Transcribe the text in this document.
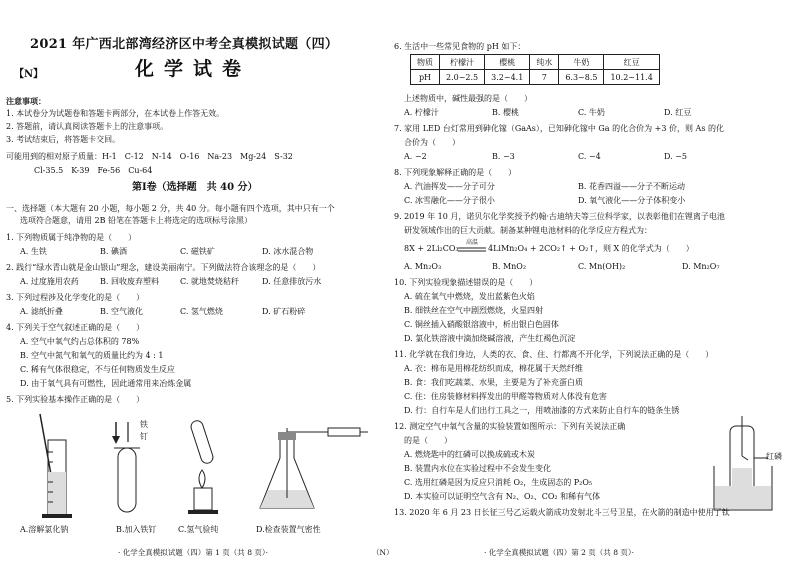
2021 年广西北部湾经济区中考全真模拟试题（四）
【N】	化学试卷
注意事项：
1. 本试卷分为试题卷和答题卡两部分，在本试卷上作答无效。
2. 答题前，请认真阅读答题卡上的注意事项。
3. 考试结束后，将答题卡交回。
可能用到的相对原子质量：H-1　C-12　N-14　O-16　Na-23　Mg-24　S-32
Cl-35.5　K-39　Fe-56　Cu-64
第Ⅰ卷（选择题　共 40 分）
一、选择题（本大题有 20 小题，每小题 2 分，共 40 分。每小题有四个选项，其中只有一个
选项符合题意，请用 2B 铅笔在答题卡上将选定的选项标号涂黑）
1. 下列物质属于纯净物的是（　　）
A. 生铁	B. 碘酒	C. 磁铁矿	D. 冰水混合物
2. 践行“绿水青山就是金山银山”理念，建设美丽南宁。下列做法符合该理念的是（　　）
A. 过度施用农药	B. 回收废弃塑料	C. 就地焚烧秸秆	D. 任意排放污水
3. 下列过程涉及化学变化的是（　　）
A. 滤纸折叠	B. 空气液化	C. 氢气燃烧	D. 矿石粉碎
4. 下列关于空气叙述正确的是（　　）
A. 空气中氧气约占总体积的 78%
B. 空气中氮气和氧气的质量比约为 4 : 1
C. 稀有气体很稳定，不与任何物质发生反应
D. 由于氧气具有可燃性，因此通常用来冶炼金属
5. 下列实验基本操作正确的是（　　）
A.溶解氯化钠
铁
钉
B.加入铁钉	C.氢气验纯	D.检查装置气密性
· 化学全真模拟试题（四）第 1 页（共 8 页）·	（N）
6. 生活中一些常见食物的 pH 如下：
物质	柠檬汁	樱桃	纯水	牛奶	红豆
pH	2.0~2.5	3.2~4.1	7	6.3~8.5	10.2~11.4
上述物质中，碱性最强的是（　　）
A. 柠檬汁	B. 樱桃	C. 牛奶	D. 红豆
7. 家用 LED 台灯常用到砷化镓（GaAs），已知砷化镓中 Ga 的化合价为 +3 价，则 As 的化
合价为（　　）
A. −2	B. −3	C. −4	D. −5
8. 下列现象解释正确的是（　　）
A. 汽油挥发——分子可分	B. 花香四溢——分子不断运动
C. 冰雪融化——分子很小	D. 氧气液化——分子体积变小
9. 2019 年 10 月，诺贝尔化学奖授予约翰·古迪纳夫等三位科学家，以表彰他们在锂离子电池
研发领域作出的巨大贡献。制备某种锂电池材料的化学反应方程式为：
8X + 2Li₂CO₃
高温
4LiMn₂O₄ + 2CO₂↑ + O₂↑，则 X 的化学式为（　　）
A. Mn₂O₃	B. MnO₂	C. Mn(OH)₂	D. Mn₂O₇
10. 下列实验现象描述错误的是（　　）
A. 硫在氧气中燃烧，发出蓝紫色火焰
B. 细铁丝在空气中剧烈燃烧，火星四射
C. 铜丝插入硝酸银溶液中，析出银白色固体
D. 氯化铁溶液中滴加烧碱溶液，产生红褐色沉淀
11. 化学就在我们身边，人类的衣、食、住、行都离不开化学，下列说法正确的是（　　）
A. 衣：棉布是用棉花纺织而成，棉花属于天然纤维
B. 食：我们吃蔬菜、水果，主要是为了补充蛋白质
C. 住：住房装修材料挥发出的甲醛等物质对人体没有危害
D. 行：自行车是人们出行工具之一，用喷油漆的方式来防止自行车的链条生锈
12. 测定空气中氧气含量的实验装置如图所示：下列有关说法正确
的是（　　）
A. 燃烧匙中的红磷可以换成硫或木炭
B. 装置内水位在实验过程中不会发生变化
C. 选用红磷是因为反应只消耗 O₂，生成固态的 P₂O₅
D. 本实验可以证明空气含有 N₂、O₂、CO₂ 和稀有气体
红磷
13. 2020 年 6 月 23 日长征三号乙运载火箭成功发射北斗三号卫星，在火箭的制造中使用了钛
· 化学全真模拟试题（四）第 2 页（共 8 页）·
